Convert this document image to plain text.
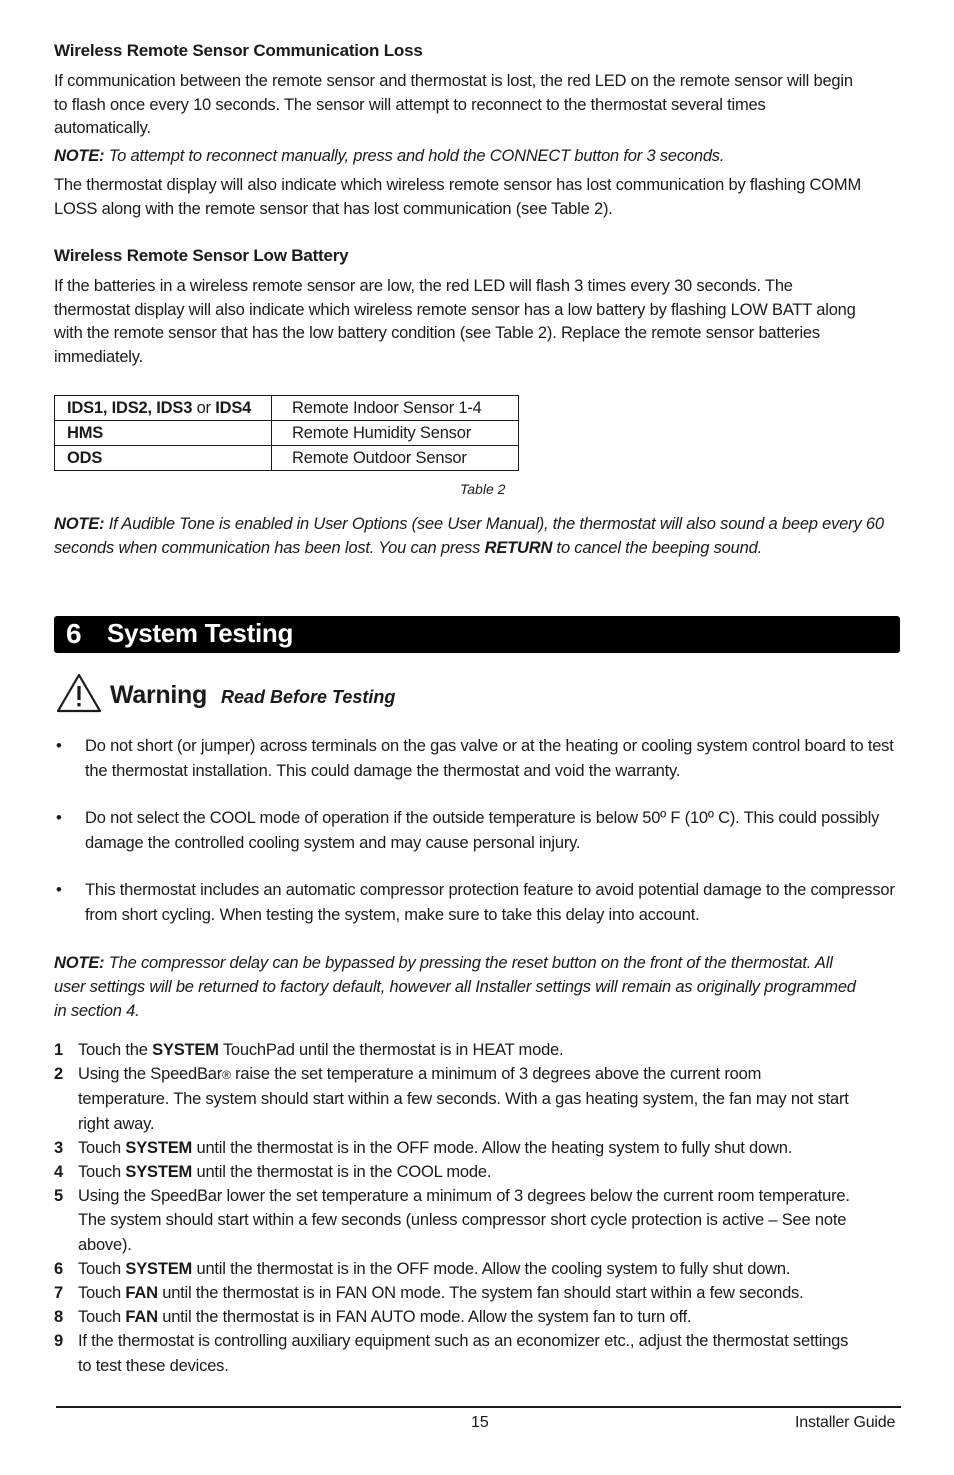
Wireless Remote Sensor Communication Loss
If communication between the remote sensor and thermostat is lost, the red LED on the remote sensor will begin to flash once every 10 seconds. The sensor will attempt to reconnect to the thermostat several times automatically.
NOTE: To attempt to reconnect manually, press and hold the CONNECT button for 3 seconds.
The thermostat display will also indicate which wireless remote sensor has lost communication by flashing COMM LOSS along with the remote sensor that has lost communication (see Table 2).
Wireless Remote Sensor Low Battery
If the batteries in a wireless remote sensor are low, the red LED will flash 3 times every 30 seconds. The thermostat display will also indicate which wireless remote sensor has a low battery by flashing LOW BATT along with the remote sensor that has the low battery condition (see Table 2). Replace the remote sensor batteries immediately.
IDS1, IDS2, IDS3 or IDS4	Remote Indoor Sensor 1-4
HMS	Remote Humidity Sensor
ODS	Remote Outdoor Sensor
Table 2
NOTE: If Audible Tone is enabled in User Options (see User Manual), the thermostat will also sound a beep every 60 seconds when communication has been lost. You can press RETURN to cancel the beeping sound.
6 System Testing
Warning Read Before Testing
• Do not short (or jumper) across terminals on the gas valve or at the heating or cooling system control board to test the thermostat installation. This could damage the thermostat and void the warranty.
• Do not select the COOL mode of operation if the outside temperature is below 50º F (10º C). This could possibly damage the controlled cooling system and may cause personal injury.
• This thermostat includes an automatic compressor protection feature to avoid potential damage to the compressor from short cycling. When testing the system, make sure to take this delay into account.
NOTE: The compressor delay can be bypassed by pressing the reset button on the front of the thermostat. All user settings will be returned to factory default, however all Installer settings will remain as originally programmed in section 4.
1 Touch the SYSTEM TouchPad until the thermostat is in HEAT mode.
2 Using the SpeedBar® raise the set temperature a minimum of 3 degrees above the current room temperature. The system should start within a few seconds. With a gas heating system, the fan may not start right away.
3 Touch SYSTEM until the thermostat is in the OFF mode. Allow the heating system to fully shut down.
4 Touch SYSTEM until the thermostat is in the COOL mode.
5 Using the SpeedBar lower the set temperature a minimum of 3 degrees below the current room temperature. The system should start within a few seconds (unless compressor short cycle protection is active – See note above).
6 Touch SYSTEM until the thermostat is in the OFF mode. Allow the cooling system to fully shut down.
7 Touch FAN until the thermostat is in FAN ON mode. The system fan should start within a few seconds.
8 Touch FAN until the thermostat is in FAN AUTO mode. Allow the system fan to turn off.
9 If the thermostat is controlling auxiliary equipment such as an economizer etc., adjust the thermostat settings to test these devices.
15	Installer Guide
